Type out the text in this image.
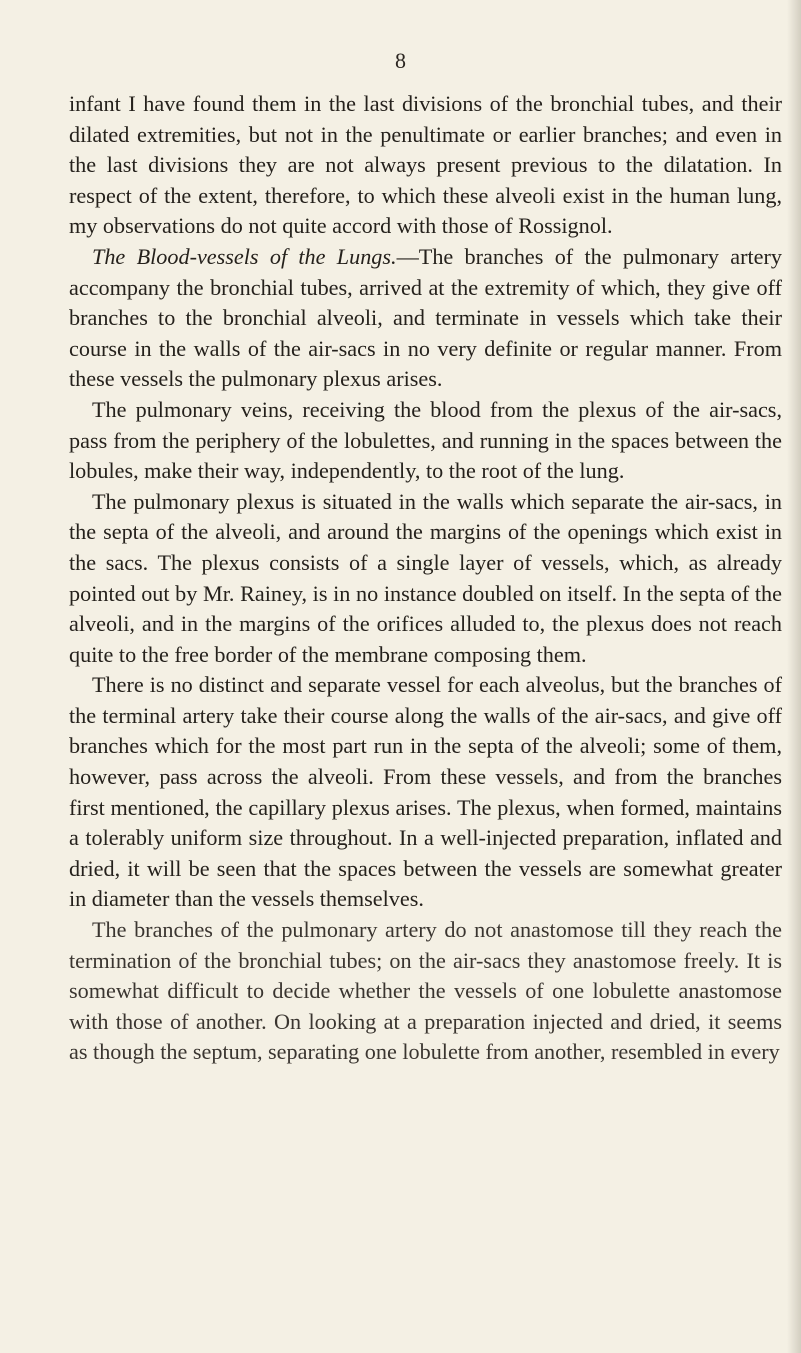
8

infant I have found them in the last divisions of the bronchial tubes, and their dilated extremities, but not in the penultimate or earlier branches; and even in the last divisions they are not always present previous to the dilatation. In respect of the extent, therefore, to which these alveoli exist in the human lung, my observations do not quite accord with those of Rossignol.

The Blood-vessels of the Lungs.—The branches of the pulmonary artery accompany the bronchial tubes, arrived at the extremity of which, they give off branches to the bronchial alveoli, and terminate in vessels which take their course in the walls of the air-sacs in no very definite or regular manner. From these vessels the pulmonary plexus arises.

The pulmonary veins, receiving the blood from the plexus of the air-sacs, pass from the periphery of the lobulettes, and running in the spaces between the lobules, make their way, independently, to the root of the lung.

The pulmonary plexus is situated in the walls which separate the air-sacs, in the septa of the alveoli, and around the margins of the openings which exist in the sacs. The plexus consists of a single layer of vessels, which, as already pointed out by Mr. Rainey, is in no instance doubled on itself. In the septa of the alveoli, and in the margins of the orifices alluded to, the plexus does not reach quite to the free border of the membrane composing them.

There is no distinct and separate vessel for each alveolus, but the branches of the terminal artery take their course along the walls of the air-sacs, and give off branches which for the most part run in the septa of the alveoli; some of them, however, pass across the alveoli. From these vessels, and from the branches first mentioned, the capillary plexus arises. The plexus, when formed, maintains a tolerably uniform size throughout. In a well-injected preparation, inflated and dried, it will be seen that the spaces between the vessels are somewhat greater in diameter than the vessels themselves.

The branches of the pulmonary artery do not anastomose till they reach the termination of the bronchial tubes; on the air-sacs they anastomose freely. It is somewhat difficult to decide whether the vessels of one lobulette anastomose with those of another. On looking at a preparation injected and dried, it seems as though the septum, separating one lobulette from another, resembled in every
